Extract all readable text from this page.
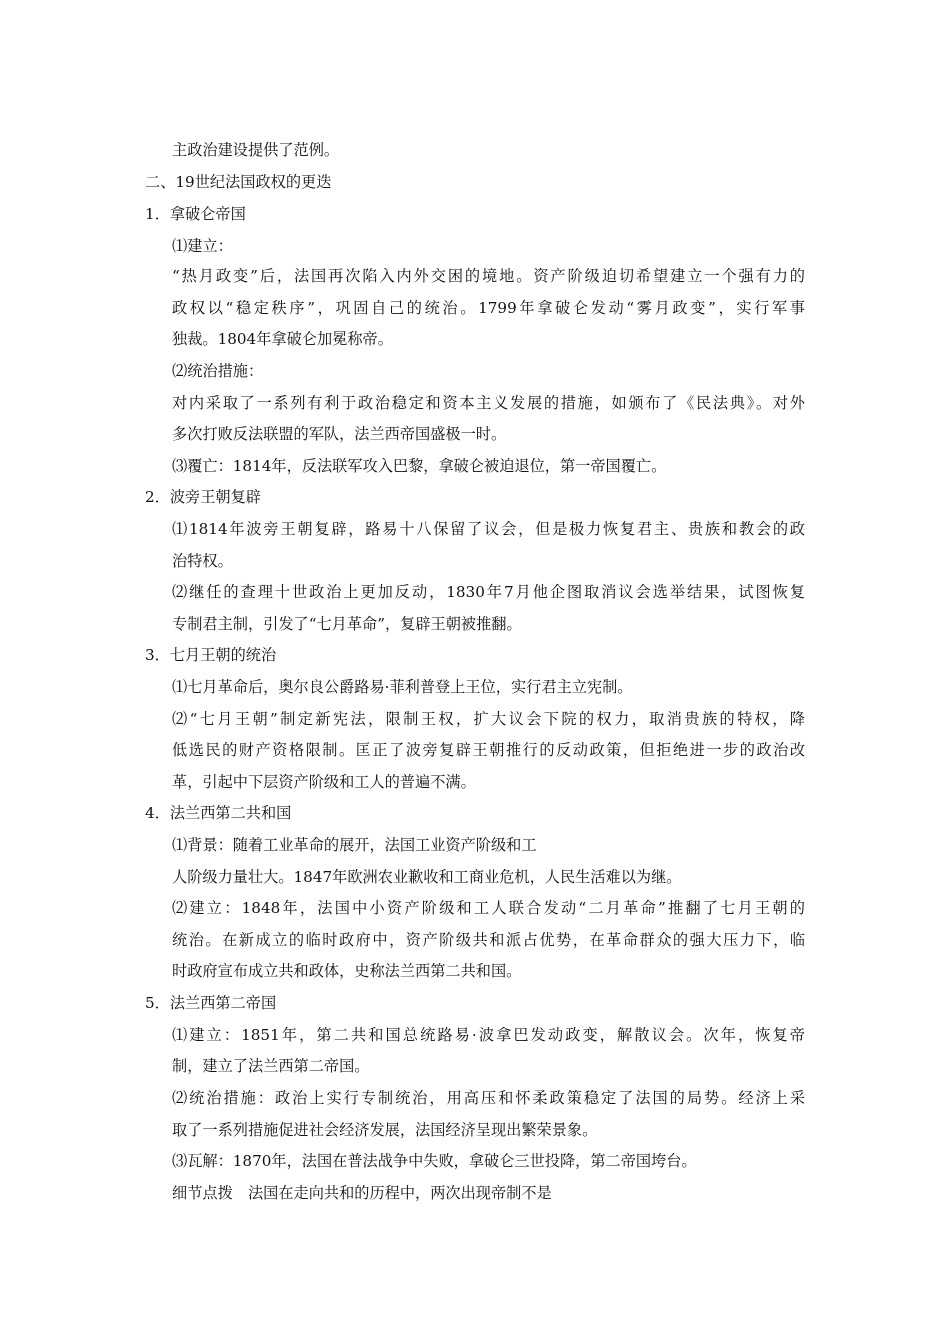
主政治建设提供了范例。
二、19世纪法国政权的更迭
1．拿破仑帝国
⑴建立：
“热月政变”后，法国再次陷入内外交困的境地。资产阶级迫切希望建立一个强有力的
政权以“稳定秩序”，巩固自己的统治。1799年拿破仑发动“雾月政变”，实行军事
独裁。1804年拿破仑加冕称帝。
⑵统治措施：
对内采取了一系列有利于政治稳定和资本主义发展的措施，如颁布了《民法典》。对外
多次打败反法联盟的军队，法兰西帝国盛极一时。
⑶覆亡：1814年，反法联军攻入巴黎，拿破仑被迫退位，第一帝国覆亡。
2．波旁王朝复辟
⑴1814年波旁王朝复辟，路易十八保留了议会，但是极力恢复君主、贵族和教会的政
治特权。
⑵继任的查理十世政治上更加反动，1830年7月他企图取消议会选举结果，试图恢复
专制君主制，引发了“七月革命”，复辟王朝被推翻。
3．七月王朝的统治
⑴七月革命后，奥尔良公爵路易·菲利普登上王位，实行君主立宪制。
⑵“七月王朝”制定新宪法，限制王权，扩大议会下院的权力，取消贵族的特权，降
低选民的财产资格限制。匡正了波旁复辟王朝推行的反动政策，但拒绝进一步的政治改
革，引起中下层资产阶级和工人的普遍不满。
4．法兰西第二共和国
⑴背景：随着工业革命的展开，法国工业资产阶级和工
人阶级力量壮大。1847年欧洲农业歉收和工商业危机，人民生活难以为继。
⑵建立：1848年，法国中小资产阶级和工人联合发动“二月革命”推翻了七月王朝的
统治。在新成立的临时政府中，资产阶级共和派占优势，在革命群众的强大压力下，临
时政府宣布成立共和政体，史称法兰西第二共和国。
5．法兰西第二帝国
⑴建立：1851年，第二共和国总统路易·波拿巴发动政变，解散议会。次年，恢复帝
制，建立了法兰西第二帝国。
⑵统治措施：政治上实行专制统治，用高压和怀柔政策稳定了法国的局势。经济上采
取了一系列措施促进社会经济发展，法国经济呈现出繁荣景象。
⑶瓦解：1870年，法国在普法战争中失败，拿破仑三世投降，第二帝国垮台。
细节点拨　法国在走向共和的历程中，两次出现帝制不是
